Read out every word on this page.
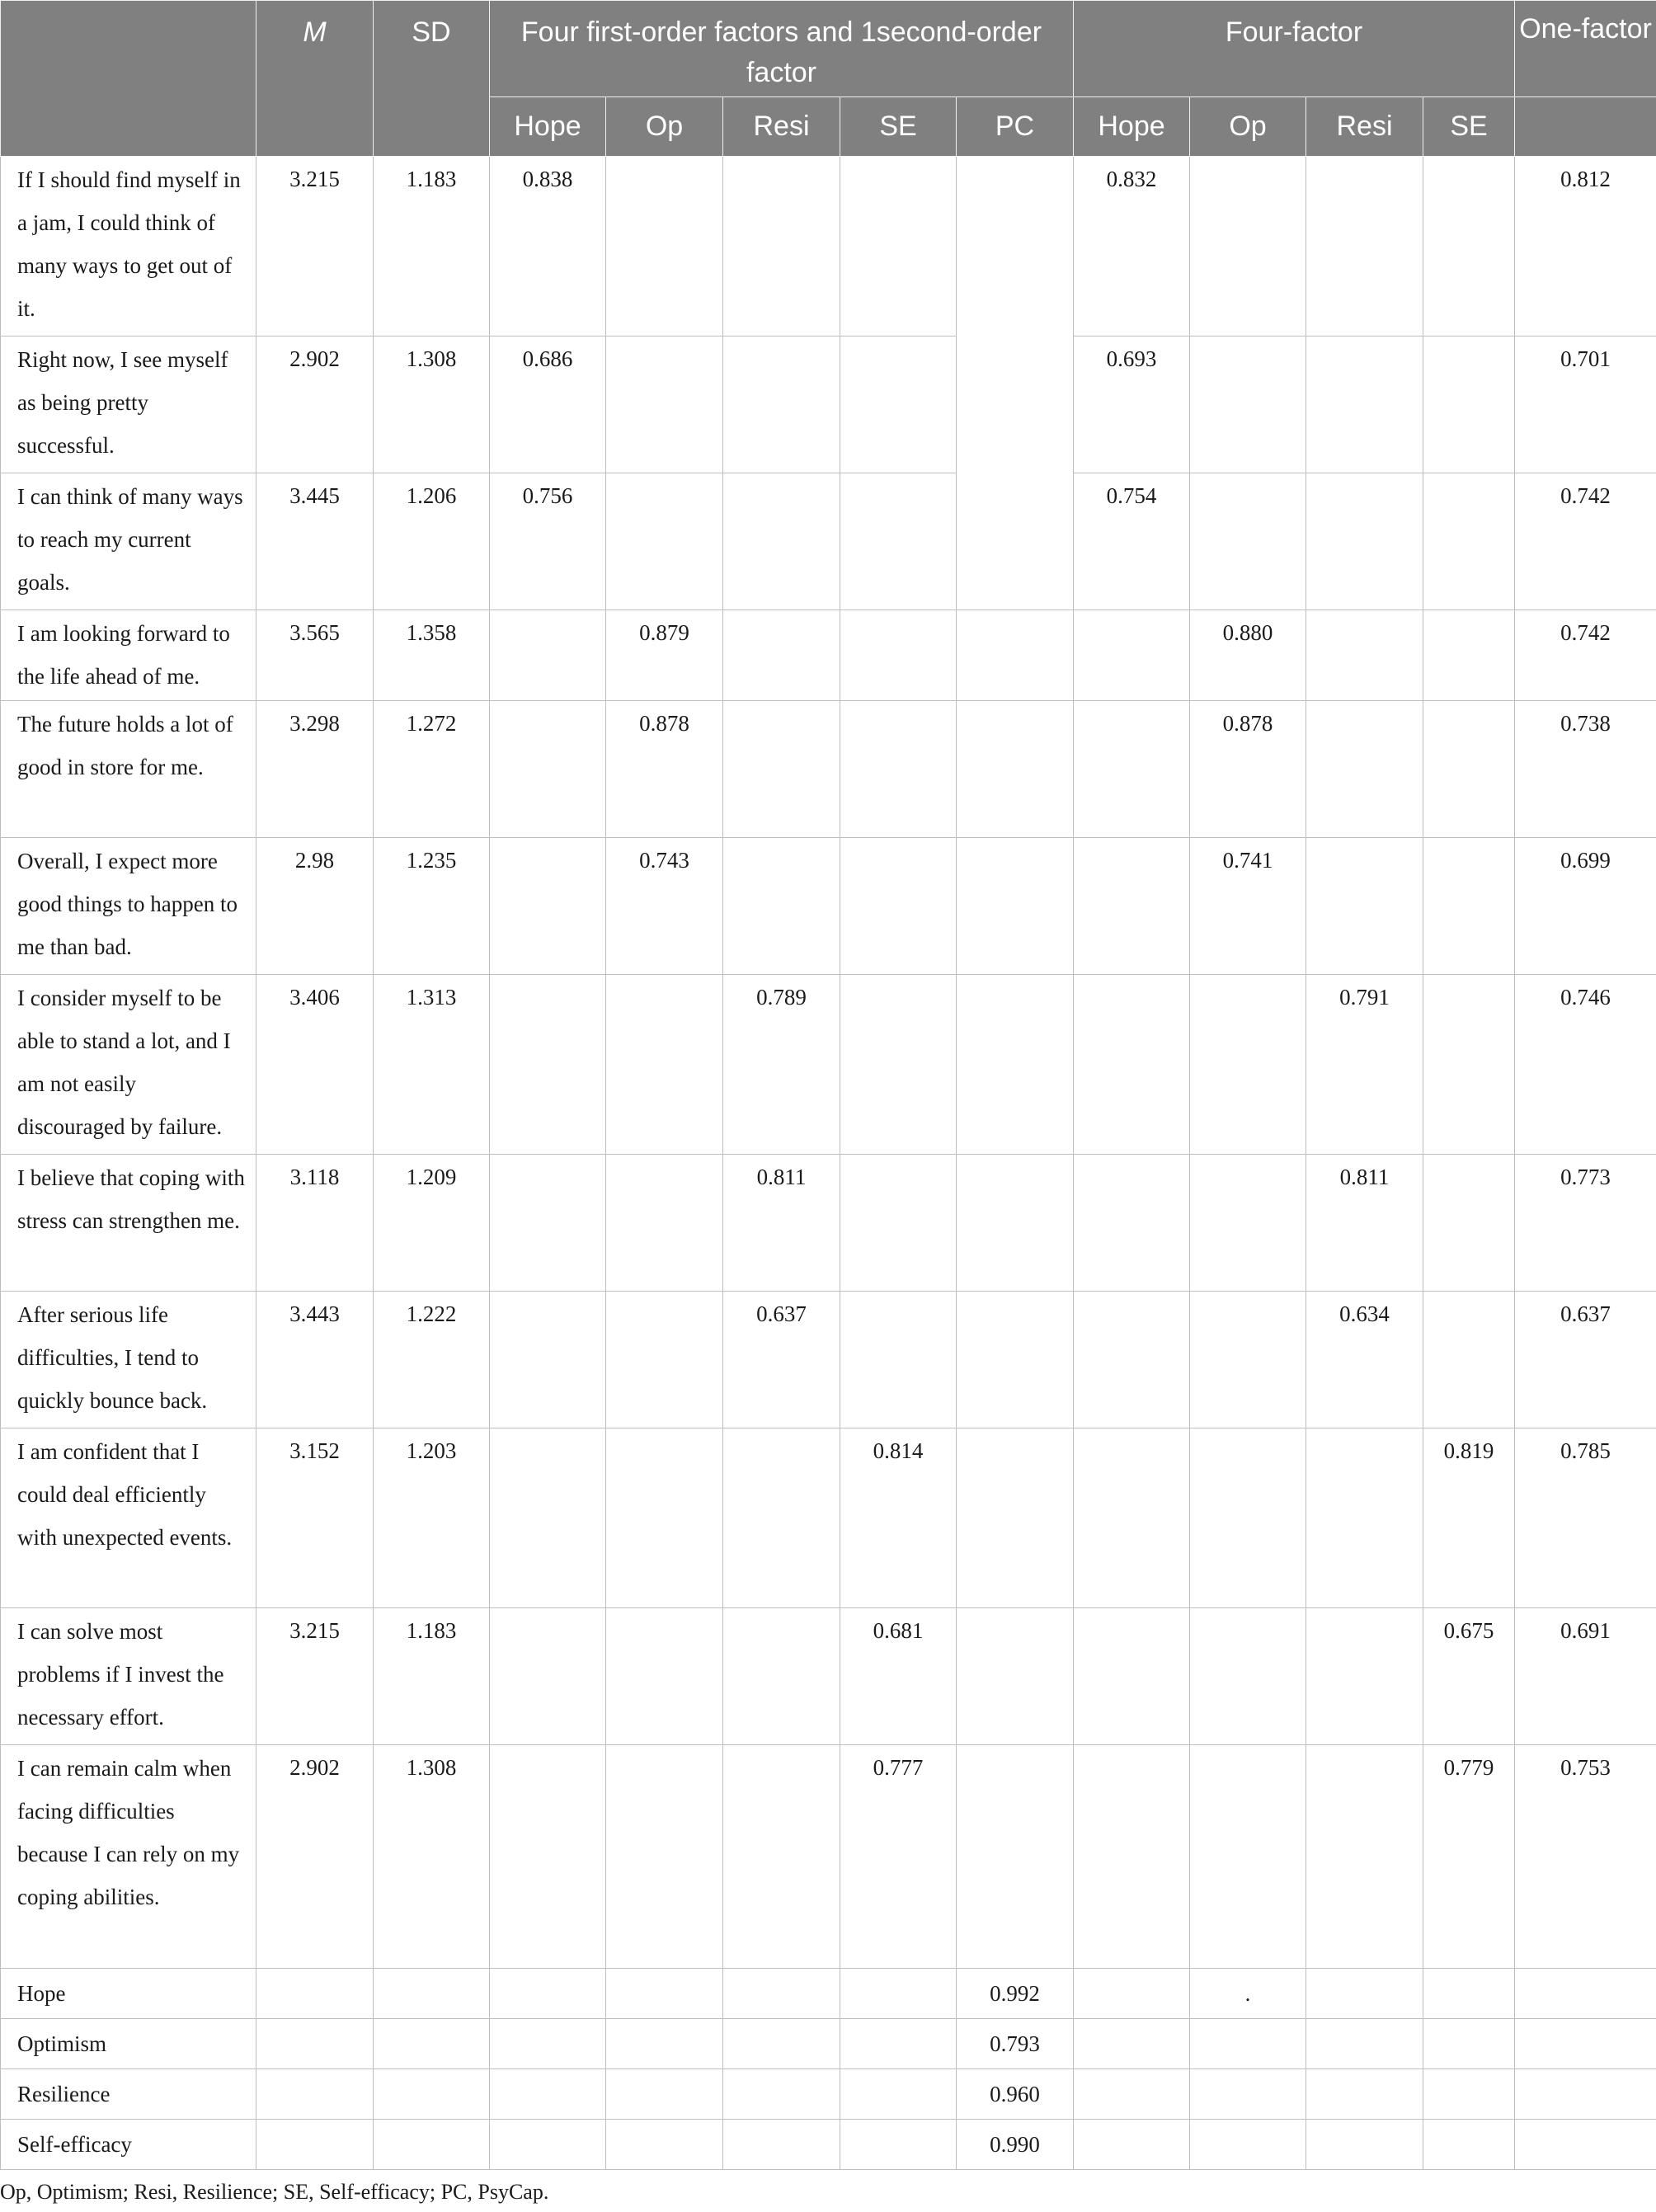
	M	SD	Four first-order factors and 1second-order factor					Four-factor				One-factor
			Hope	Op	Resi	SE	PC	Hope	Op	Resi	SE	

If I should find myself in a jam, I could think of many ways to get out of it.	3.215	1.183	0.838					0.832				0.812

Right now, I see myself as being pretty successful.	2.902	1.308	0.686					0.693				0.701

I can think of many ways to reach my current goals.	3.445	1.206	0.756					0.754				0.742

I am looking forward to the life ahead of me.	3.565	1.358		0.879					0.880			0.742

The future holds a lot of good in store for me.	3.298	1.272		0.878					0.878			0.738

Overall, I expect more good things to happen to me than bad.	2.98	1.235		0.743					0.741			0.699

I consider myself to be able to stand a lot, and I am not easily discouraged by failure.	3.406	1.313			0.789					0.791		0.746

I believe that coping with stress can strengthen me.	3.118	1.209			0.811					0.811		0.773

After serious life difficulties, I tend to quickly bounce back.	3.443	1.222			0.637					0.634		0.637

I am confident that I could deal efficiently with unexpected events.	3.152	1.203				0.814					0.819	0.785

I can solve most problems if I invest the necessary effort.	3.215	1.183				0.681					0.675	0.691

I can remain calm when facing difficulties because I can rely on my coping abilities.	2.902	1.308				0.777					0.779	0.753

Hope							0.992		.			

Optimism							0.793					

Resilience							0.960					

Self-efficacy							0.990					

Op, Optimism; Resi, Resilience; SE, Self-efficacy; PC, PsyCap.
